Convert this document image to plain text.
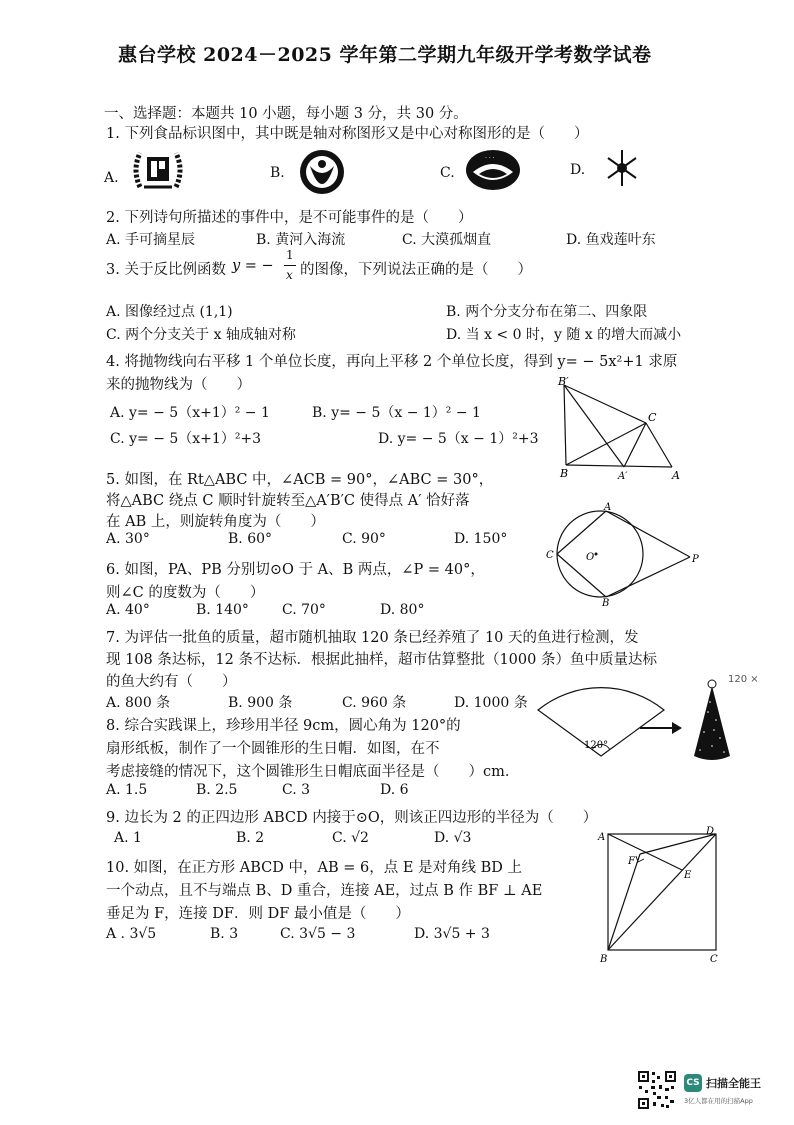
惠台学校 2024－2025 学年第二学期九年级开学考数学试卷
一、选择题：本题共 10 小题，每小题 3 分，共 30 分。
1. 下列食品标识图中，其中既是轴对称图形又是中心对称图形的是（　　）
A.	B.	C.	D.
· · ·
2. 下列诗句所描述的事件中，是不可能事件的是（　　）
A. 手可摘星辰	B. 黄河入海流	C. 大漠孤烟直	D. 鱼戏莲叶东
3. 关于反比例函数 y = −
1
x 的图像，下列说法正确的是（　　）
A. 图像经过点 (1,1)	B. 两个分支分布在第二、四象限
C. 两个分支关于 x 轴成轴对称	D. 当 x < 0 时，y 随 x 的增大而减小
4. 将抛物线向右平移 1 个单位长度，再向上平移 2 个单位长度，得到 y= − 5x²+1 求原
来的抛物线为（　　）
A. y= − 5（x+1）² − 1	B. y= − 5（x − 1）² − 1
C. y= − 5（x+1）²+3	D. y= − 5（x − 1）²+3
B′
C
B	A′	A
5. 如图，在 Rt△ABC 中，∠ACB = 90°，∠ABC = 30°，
将△ABC 绕点 C 顺时针旋转至△A′B′C 使得点 A′ 恰好落
在 AB 上，则旋转角度为（　　）
A. 30°	B. 60°	C. 90°	D. 150°
A
B
C	O	P
6. 如图，PA、PB 分别切⊙O 于 A、B 两点，∠P = 40°，
则∠C 的度数为（　　）
A. 40°	B. 140° C. 70°	D. 80°
7. 为评估一批鱼的质量，超市随机抽取 120 条已经养殖了 10 天的鱼进行检测，发
现 108 条达标，12 条不达标．根据此抽样，超市估算整批（1000 条）鱼中质量达标
的鱼大约有（　　）
A. 800 条	B. 900 条	C. 960 条	D. 1000 条
120 ×
120°
8. 综合实践课上，珍珍用半径 9cm，圆心角为 120°的
扇形纸板，制作了一个圆锥形的生日帽．如图，在不
考虑接缝的情况下，这个圆锥形生日帽底面半径是（　　）cm．
A. 1.5	B. 2.5	C. 3	D. 6
9. 边长为 2 的正四边形 ABCD 内接于⊙O，则该正四边形的半径为（　　）
A. 1	B. 2	C. √2	D. √3	A
D
B	C
E
F
10. 如图，在正方形 ABCD 中，AB = 6，点 E 是对角线 BD 上
一个动点，且不与端点 B、D 重合，连接 AE，过点 B 作 BF ⊥ AE
垂足为 F，连接 DF．则 DF 最小值是（　　）
A . 3√5	B. 3	C. 3√5 − 3	D. 3√5 + 3
CS 扫描全能王
3亿人都在用的扫描App
